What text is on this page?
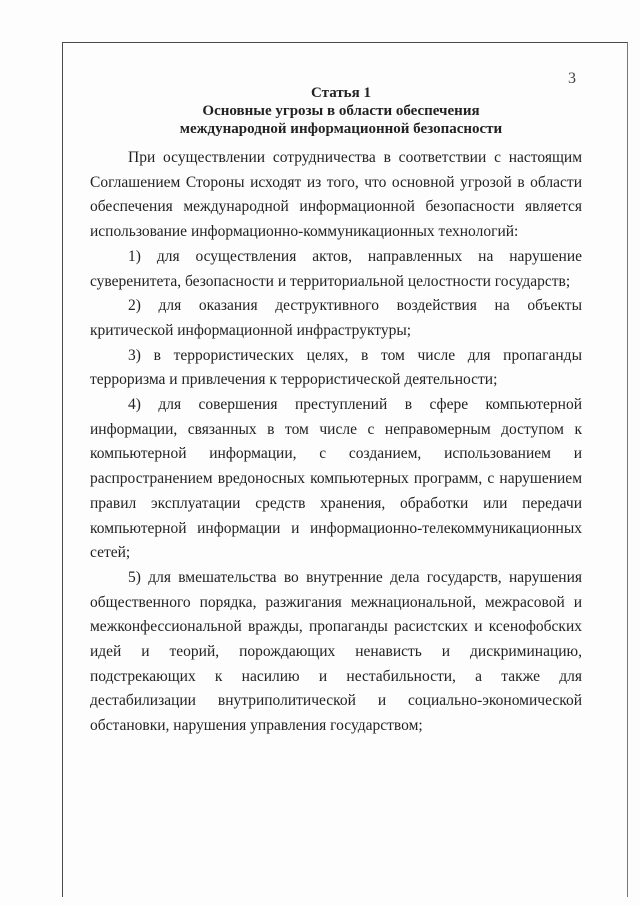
3
Статья 1
Основные угрозы в области обеспечения
международной информационной безопасности

При осуществлении сотрудничества в соответствии с настоящим Соглашением Стороны исходят из того, что основной угрозой в области обеспечения международной информационной безопасности является использование информационно-коммуникационных технологий:

1) для осуществления актов, направленных на нарушение суверенитета, безопасности и территориальной целостности государств;

2) для оказания деструктивного воздействия на объекты критической информационной инфраструктуры;

3) в террористических целях, в том числе для пропаганды терроризма и привлечения к террористической деятельности;

4) для совершения преступлений в сфере компьютерной информации, связанных в том числе с неправомерным доступом к компьютерной информации, с созданием, использованием и распространением вредоносных компьютерных программ, с нарушением правил эксплуатации средств хранения, обработки или передачи компьютерной информации и информационно-телекоммуникационных сетей;

5) для вмешательства во внутренние дела государств, нарушения общественного порядка, разжигания межнациональной, межрасовой и межконфессиональной вражды, пропаганды расистских и ксенофобских идей и теорий, порождающих ненависть и дискриминацию, подстрекающих к насилию и нестабильности, а также для дестабилизации внутриполитической и социально-экономической обстановки, нарушения управления государством;
